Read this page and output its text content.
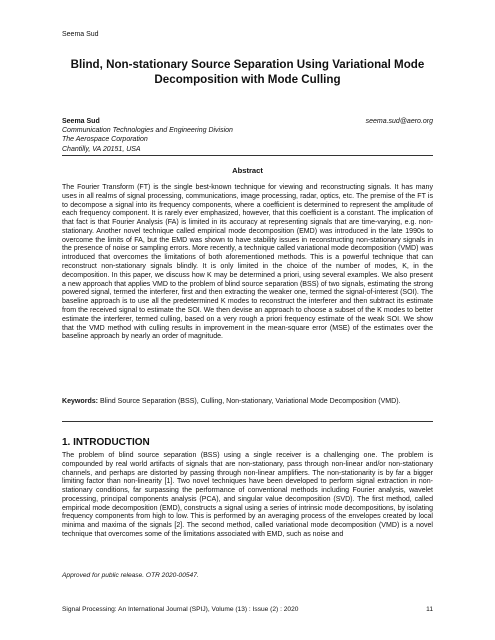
Seema Sud
Blind, Non-stationary Source Separation Using Variational Mode Decomposition with Mode Culling
Seema Sud	seema.sud@aero.org
Communication Technologies and Engineering Division
The Aerospace Corporation
Chantilly, VA 20151, USA
Abstract
The Fourier Transform (FT) is the single best-known technique for viewing and reconstructing signals. It has many uses in all realms of signal processing, communications, image processing, radar, optics, etc. The premise of the FT is to decompose a signal into its frequency components, where a coefficient is determined to represent the amplitude of each frequency component. It is rarely ever emphasized, however, that this coefficient is a constant. The implication of that fact is that Fourier Analysis (FA) is limited in its accuracy at representing signals that are time-varying, e.g. non-stationary. Another novel technique called empirical mode decomposition (EMD) was introduced in the late 1990s to overcome the limits of FA, but the EMD was shown to have stability issues in reconstructing non-stationary signals in the presence of noise or sampling errors. More recently, a technique called variational mode decomposition (VMD) was introduced that overcomes the limitations of both aforementioned methods. This is a powerful technique that can reconstruct non-stationary signals blindly. It is only limited in the choice of the number of modes, K, in the decomposition. In this paper, we discuss how K may be determined a priori, using several examples. We also present a new approach that applies VMD to the problem of blind source separation (BSS) of two signals, estimating the strong powered signal, termed the interferer, first and then extracting the weaker one, termed the signal-of-interest (SOI). The baseline approach is to use all the predetermined K modes to reconstruct the interferer and then subtract its estimate from the received signal to estimate the SOI. We then devise an approach to choose a subset of the K modes to better estimate the interferer, termed culling, based on a very rough a priori frequency estimate of the weak SOI. We show that the VMD method with culling results in improvement in the mean-square error (MSE) of the estimates over the baseline approach by nearly an order of magnitude.
Keywords: Blind Source Separation (BSS), Culling, Non-stationary, Variational Mode Decomposition (VMD).
1. INTRODUCTION
The problem of blind source separation (BSS) using a single receiver is a challenging one. The problem is compounded by real world artifacts of signals that are non-stationary, pass through non-linear and/or non-stationary channels, and perhaps are distorted by passing through non-linear amplifiers. The non-stationarity is by far a bigger limiting factor than non-linearity [1]. Two novel techniques have been developed to perform signal extraction in non-stationary conditions, far surpassing the performance of conventional methods including Fourier analysis, wavelet processing, principal components analysis (PCA), and singular value decomposition (SVD). The first method, called empirical mode decomposition (EMD), constructs a signal using a series of intrinsic mode decompositions, by isolating frequency components from high to low. This is performed by an averaging process of the envelopes created by local minima and maxima of the signals [2]. The second method, called variational mode decomposition (VMD) is a novel technique that overcomes some of the limitations associated with EMD, such as noise and
Approved for public release. OTR 2020-00547.
Signal Processing: An International Journal (SPIJ), Volume (13) : Issue (2) : 2020	11
